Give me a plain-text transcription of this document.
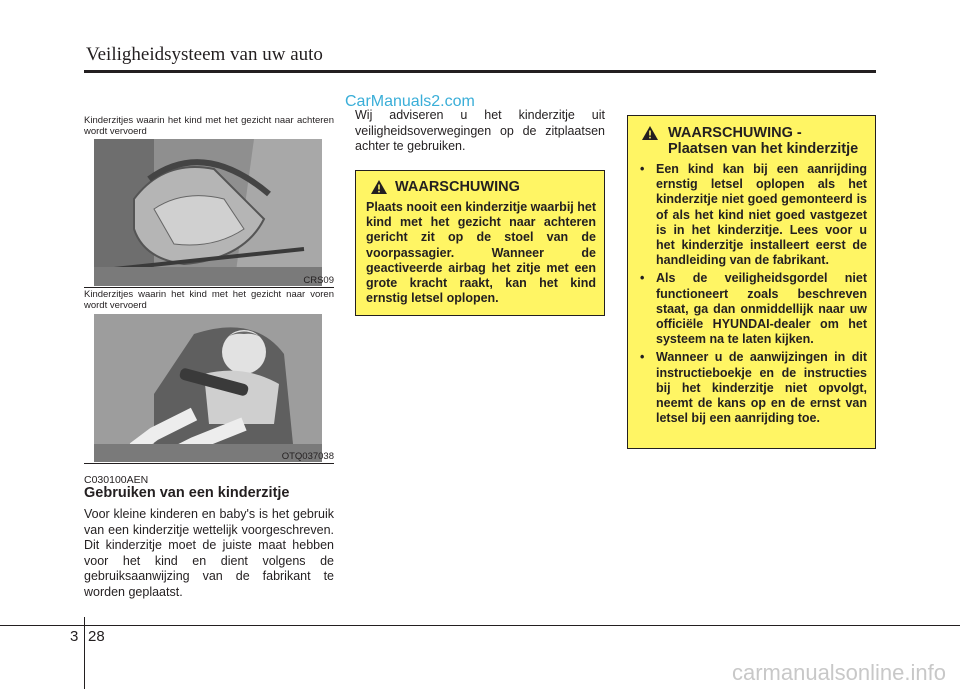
Veiligheidsysteem van uw auto
CarManuals2.com
Kinderzitjes waarin het kind met het gezicht naar achteren wordt vervoerd
CRS09
Kinderzitjes waarin het kind met het gezicht naar voren wordt vervoerd
OTQ037038
C030100AEN
Gebruiken van een kinderzitje
Voor kleine kinderen en baby's is het gebruik van een kinderzitje wettelijk voorgeschreven. Dit kinderzitje moet de juiste maat hebben voor het kind en dient volgens de gebruiksaanwijzing van de fabrikant te worden geplaatst.
Wij adviseren u het kinderzitje uit veiligheidsoverwegingen op de zitplaatsen achter te gebruiken.
WAARSCHUWING
Plaats nooit een kinderzitje waarbij het kind met het gezicht naar achteren gericht zit op de stoel van de voorpassagier. Wanneer de geactiveerde airbag het zitje met een grote kracht raakt, kan het kind ernstig letsel oplopen.
WAARSCHUWING -
Plaatsen van het kinderzitje
• Een kind kan bij een aanrijding ernstig letsel oplopen als het kinderzitje niet goed gemonteerd is of als het kind niet goed vastgezet is in het kinderzitje. Lees voor u het kinderzitje installeert eerst de handleiding van de fabrikant.
• Als de veiligheidsgordel niet functioneert zoals beschreven staat, ga dan onmiddellijk naar uw officiële HYUNDAI-dealer om het systeem na te laten kijken.
• Wanneer u de aanwijzingen in dit instructieboekje en de instructies bij het kinderzitje niet opvolgt, neemt de kans op en de ernst van letsel bij een aanrijding toe.
3 28
carmanualsonline.info
